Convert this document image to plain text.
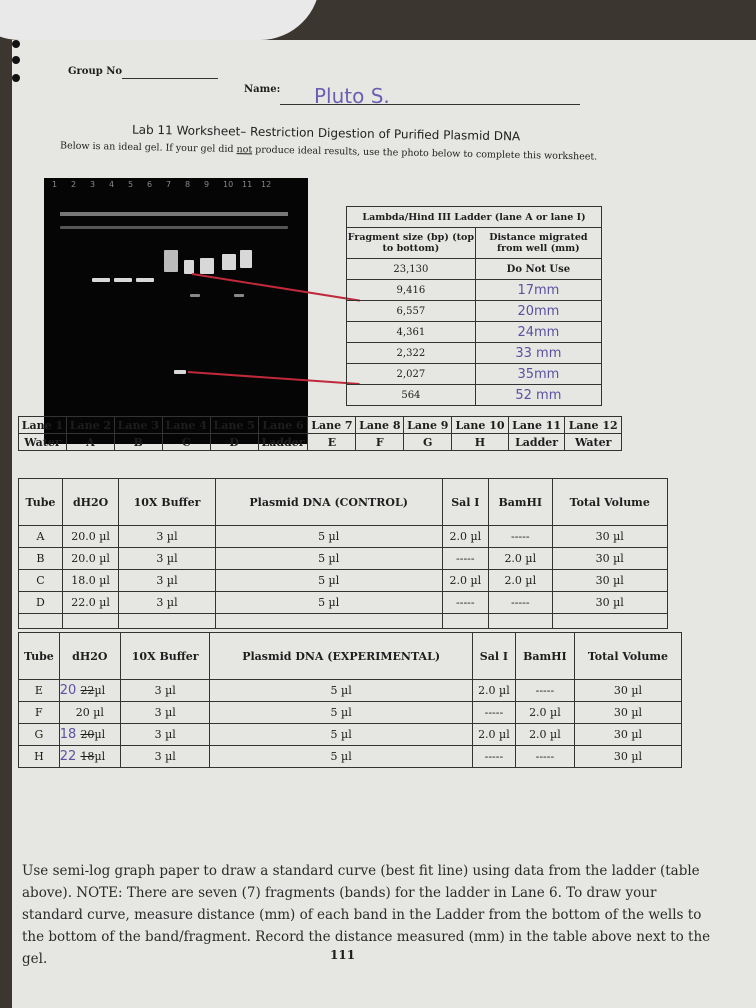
Group No
Name: Pluto S.
Lab 11 Worksheet– Restriction Digestion of Purified Plasmid DNA
Below is an ideal gel. If your gel did not produce ideal results, use the photo below to complete this worksheet.
1 2 3 4 5 6 7 8 9 10 11 12
Lambda/Hind III Ladder (lane A or lane I)	
Fragment size (bp) (top to bottom)	Distance migrated from well (mm)
23,130	Do Not Use
9,416	17mm
6,557	20mm
4,361	24mm
2,322	33 mm
2,027	35mm
564	52 mm
Lane 1	Lane 2	Lane 3	Lane 4	Lane 5	Lane 6	Lane 7	Lane 8	Lane 9	Lane 10	Lane 11	Lane 12
Water	A	B	C	D	Ladder	E	F	G	H	Ladder	Water
Tube	dH2O	10X Buffer	Plasmid DNA (CONTROL)	Sal I	BamHI	Total Volume
A	20.0 µl	3 µl	5 µl	2.0 µl	-----	30 µl
B	20.0 µl	3 µl	5 µl	-----	2.0 µl	30 µl
C	18.0 µl	3 µl	5 µl	2.0 µl	2.0 µl	30 µl
D	22.0 µl	3 µl	5 µl	-----	-----	30 µl

Tube	dH2O	10X Buffer	Plasmid DNA (EXPERIMENTAL)	Sal I	BamHI	Total Volume
E	20 22µl	3 µl	5 µl	2.0 µl	-----	30 µl
F	20 µl	3 µl	5 µl	-----	2.0 µl	30 µl
G	18 20µl	3 µl	5 µl	2.0 µl	2.0 µl	30 µl
H	22 18µl	3 µl	5 µl	-----	-----	30 µl
Use semi-log graph paper to draw a standard curve (best fit line) using data from the ladder (table above). NOTE: There are seven (7) fragments (bands) for the ladder in Lane 6. To draw your standard curve, measure distance (mm) of each band in the Ladder from the bottom of the wells to the bottom of the band/fragment. Record the distance measured (mm) in the table above next to the gel.	111
